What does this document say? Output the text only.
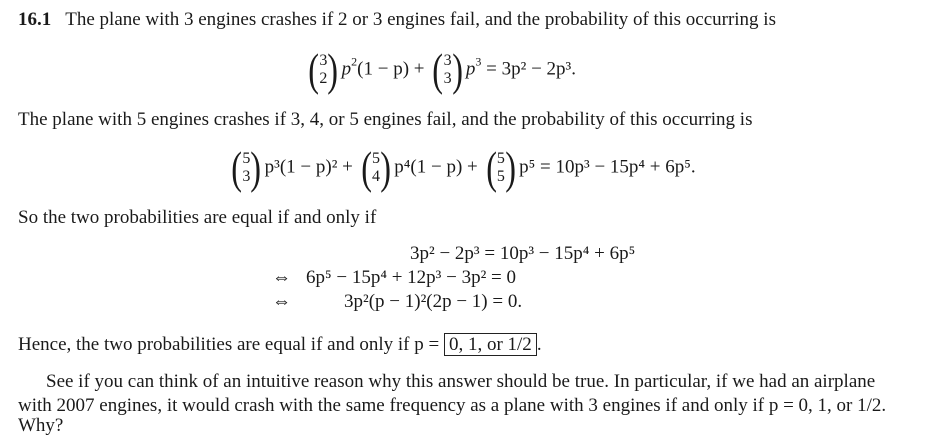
16.1 The plane with 3 engines crashes if 2 or 3 engines fail, and the probability of this occurring is
(3
2) $p^2(1 - p) + (3$
3) $p^3 = 3p^2 - 2p^3$.
The plane with 5 engines crashes if 3, 4, or 5 engines fail, and the probability of this occurring is
(5
3) p³(1 − p)² + (5
4) p⁴(1 − p) + (5
5) p⁵ = 10p³ − 15p⁴ + 6p⁵.
So the two probabilities are equal if and only if
3p² − 2p³ = 10p³ − 15p⁴ + 6p⁵
⇔ 6p⁵ − 15p⁴ + 12p³ − 3p² = 0
⇔	3p²(p − 1)²(2p − 1) = 0.
Hence, the two probabilities are equal if and only if p = 0, 1, or 1/2 .
See if you can think of an intuitive reason why this answer should be true. In particular, if we had an airplane
with 2007 engines, it would crash with the same frequency as a plane with 3 engines if and only if p = 0, 1, or 1/2.
Why?
